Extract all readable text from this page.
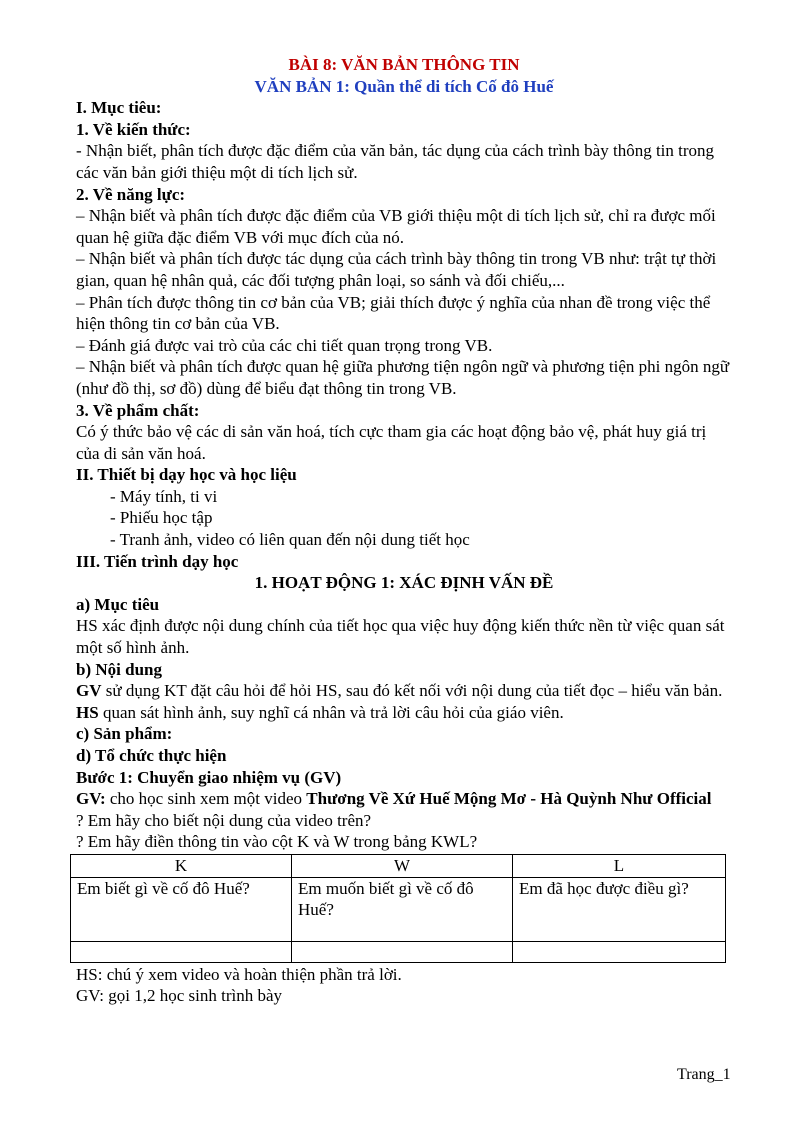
BÀI 8: VĂN BẢN THÔNG TIN

VĂN BẢN 1: Quần thể di tích Cố đô Huế

I. Mục tiêu:

1. Về kiến thức:

- Nhận biết, phân tích được đặc điểm của văn bản, tác dụng của cách trình bày thông tin trong các văn bản giới thiệu một di tích lịch sử.

2. Về năng lực:

– Nhận biết và phân tích được đặc điểm của VB giới thiệu một di tích lịch sử, chỉ ra được mối quan hệ giữa đặc điểm VB với mục đích của nó.

– Nhận biết và phân tích được tác dụng của cách trình bày thông tin trong VB như: trật tự thời gian, quan hệ nhân quả, các đối tượng phân loại, so sánh và đối chiếu,...

– Phân tích được thông tin cơ bản của VB; giải thích được ý nghĩa của nhan đề trong việc thể hiện thông tin cơ bản của VB.

– Đánh giá được vai trò của các chi tiết quan trọng trong VB.

– Nhận biết và phân tích được quan hệ giữa phương tiện ngôn ngữ và phương tiện phi ngôn ngữ (như đồ thị, sơ đồ) dùng để biểu đạt thông tin trong VB.

3. Về phẩm chất:

Có ý thức bảo vệ các di sản văn hoá, tích cực tham gia các hoạt động bảo vệ, phát huy giá trị của di sản văn hoá.

II. Thiết bị dạy học và học liệu

- Máy tính, ti vi

- Phiếu học tập

- Tranh ảnh, video có liên quan đến nội dung tiết học

III. Tiến trình dạy học

1. HOẠT ĐỘNG 1: XÁC ĐỊNH VẤN ĐỀ

a) Mục tiêu

HS xác định được nội dung chính của tiết học qua việc huy động kiến thức nền từ việc quan sát một số hình ảnh.

b) Nội dung

GV sử dụng KT đặt câu hỏi để hỏi HS, sau đó kết nối với nội dung của tiết đọc – hiểu văn bản.

HS quan sát hình ảnh, suy nghĩ cá nhân và trả lời câu hỏi của giáo viên.

c) Sản phẩm:

d) Tổ chức thực hiện

Bước 1: Chuyển giao nhiệm vụ (GV)

GV: cho học sinh xem một video Thương Về Xứ Huế Mộng Mơ - Hà Quỳnh Như Official

? Em hãy cho biết nội dung của video trên?

? Em hãy điền thông tin vào cột K và W trong bảng KWL?

K	W	L
Em biết gì về cố đô Huế?	Em muốn biết gì về cố đô Huế?	Em đã học được điều gì?

HS: chú ý xem video và hoàn thiện phần trả lời.

GV: gọi 1,2 học sinh trình bày

Trang_1
